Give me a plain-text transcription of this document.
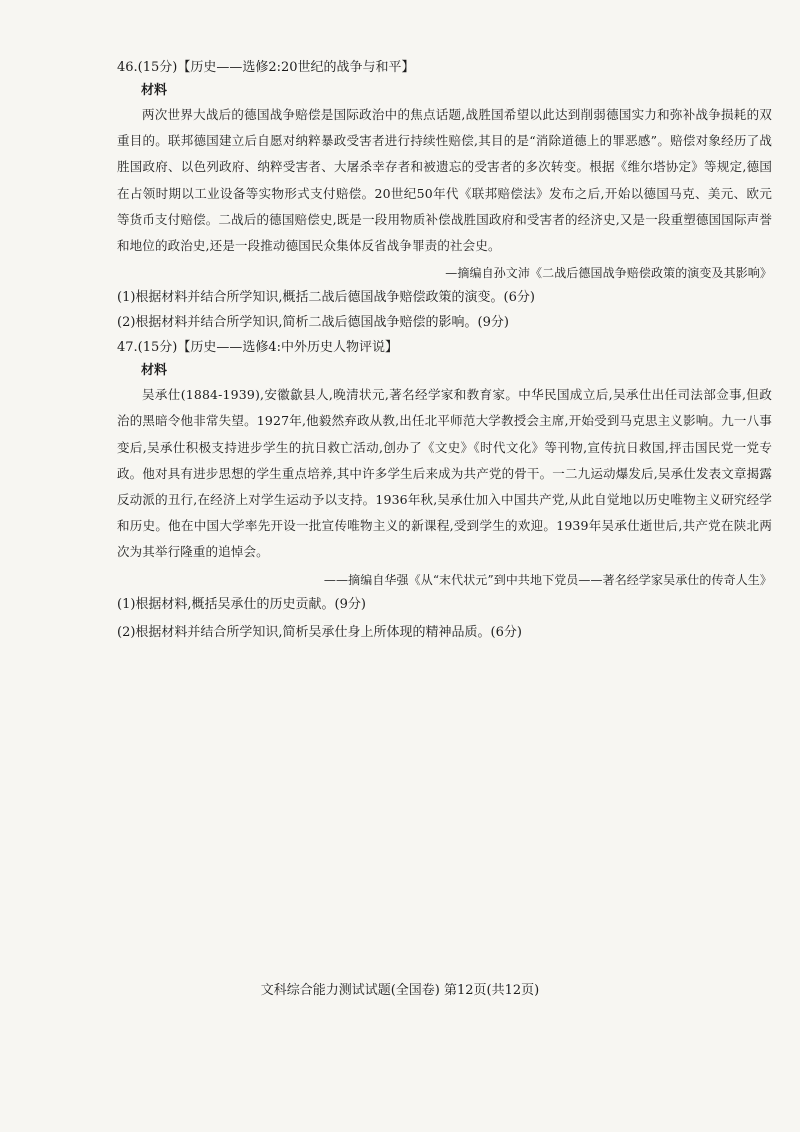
46.(15分)【历史——选修2:20世纪的战争与和平】
材料

两次世界大战后的德国战争赔偿是国际政治中的焦点话题,战胜国希望以此达到削弱德国实力和弥补战争损耗的双重目的。联邦德国建立后自愿对纳粹暴政受害者进行持续性赔偿,其目的是“消除道德上的罪恶感”。赔偿对象经历了战胜国政府、以色列政府、纳粹受害者、大屠杀幸存者和被遗忘的受害者的多次转变。根据《维尔塔协定》等规定,德国在占领时期以工业设备等实物形式支付赔偿。20世纪50年代《联邦赔偿法》发布之后,开始以德国马克、美元、欧元等货币支付赔偿。二战后的德国赔偿史,既是一段用物质补偿战胜国政府和受害者的经济史,又是一段重塑德国国际声誉和地位的政治史,还是一段推动德国民众集体反省战争罪责的社会史。

—摘编自孙文沛《二战后德国战争赔偿政策的演变及其影响》
(1)根据材料并结合所学知识,概括二战后德国战争赔偿政策的演变。(6分)
(2)根据材料并结合所学知识,简析二战后德国战争赔偿的影响。(9分)
47.(15分)【历史——选修4:中外历史人物评说】
材料

吴承仕(1884-1939),安徽歙县人,晚清状元,著名经学家和教育家。中华民国成立后,吴承仕出任司法部佥事,但政治的黑暗令他非常失望。1927年,他毅然弃政从教,出任北平师范大学教授会主席,开始受到马克思主义影响。九一八事变后,吴承仕积极支持进步学生的抗日救亡活动,创办了《文史》《时代文化》等刊物,宣传抗日救国,抨击国民党一党专政。他对具有进步思想的学生重点培养,其中许多学生后来成为共产党的骨干。一二九运动爆发后,吴承仕发表文章揭露反动派的丑行,在经济上对学生运动予以支持。1936年秋,吴承仕加入中国共产党,从此自觉地以历史唯物主义研究经学和历史。他在中国大学率先开设一批宣传唯物主义的新课程,受到学生的欢迎。1939年吴承仕逝世后,共产党在陕北两次为其举行隆重的追悼会。

——摘编自华强《从“末代状元”到中共地下党员——著名经学家吴承仕的传奇人生》
(1)根据材料,概括吴承仕的历史贡献。(9分)
(2)根据材料并结合所学知识,简析吴承仕身上所体现的精神品质。(6分)
文科综合能力测试试题(全国卷) 第12页(共12页)
